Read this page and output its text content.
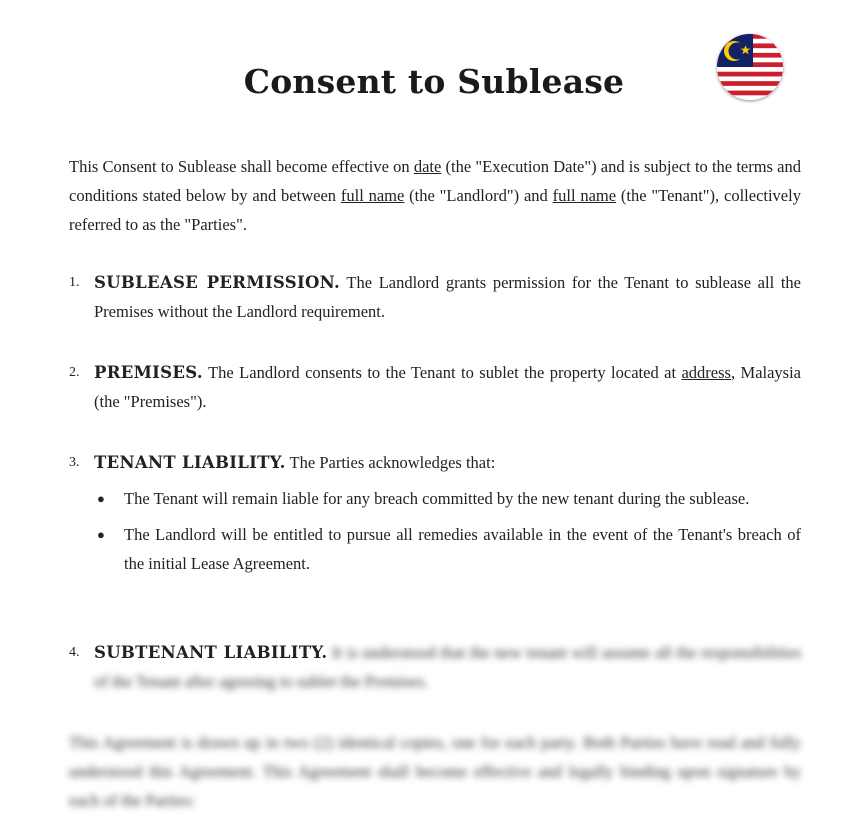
Consent to Sublease
This Consent to Sublease shall become effective on date (the "Execution Date") and is subject to the terms and conditions stated below by and between full name (the "Landlord") and full name (the "Tenant"), collectively referred to as the "Parties".
1. SUBLEASE PERMISSION. The Landlord grants permission for the Tenant to sublease all the Premises without the Landlord requirement.
2. PREMISES. The Landlord consents to the Tenant to sublet the property located at address, Malaysia (the "Premises").
3. TENANT LIABILITY. The Parties acknowledges that:
● The Tenant will remain liable for any breach committed by the new tenant during the sublease.
● The Landlord will be entitled to pursue all remedies available in the event of the Tenant's breach of the initial Lease Agreement.
4. SUBTENANT LIABILITY. It is understood that the new tenant will assume all the responsibilities of the Tenant after agreeing to sublet the Premises.
This Agreement is drawn up in two (2) identical copies, one for each party. Both Parties have read and fully understood this Agreement. This Agreement shall become effective and legally binding upon signature by each of the Parties:
